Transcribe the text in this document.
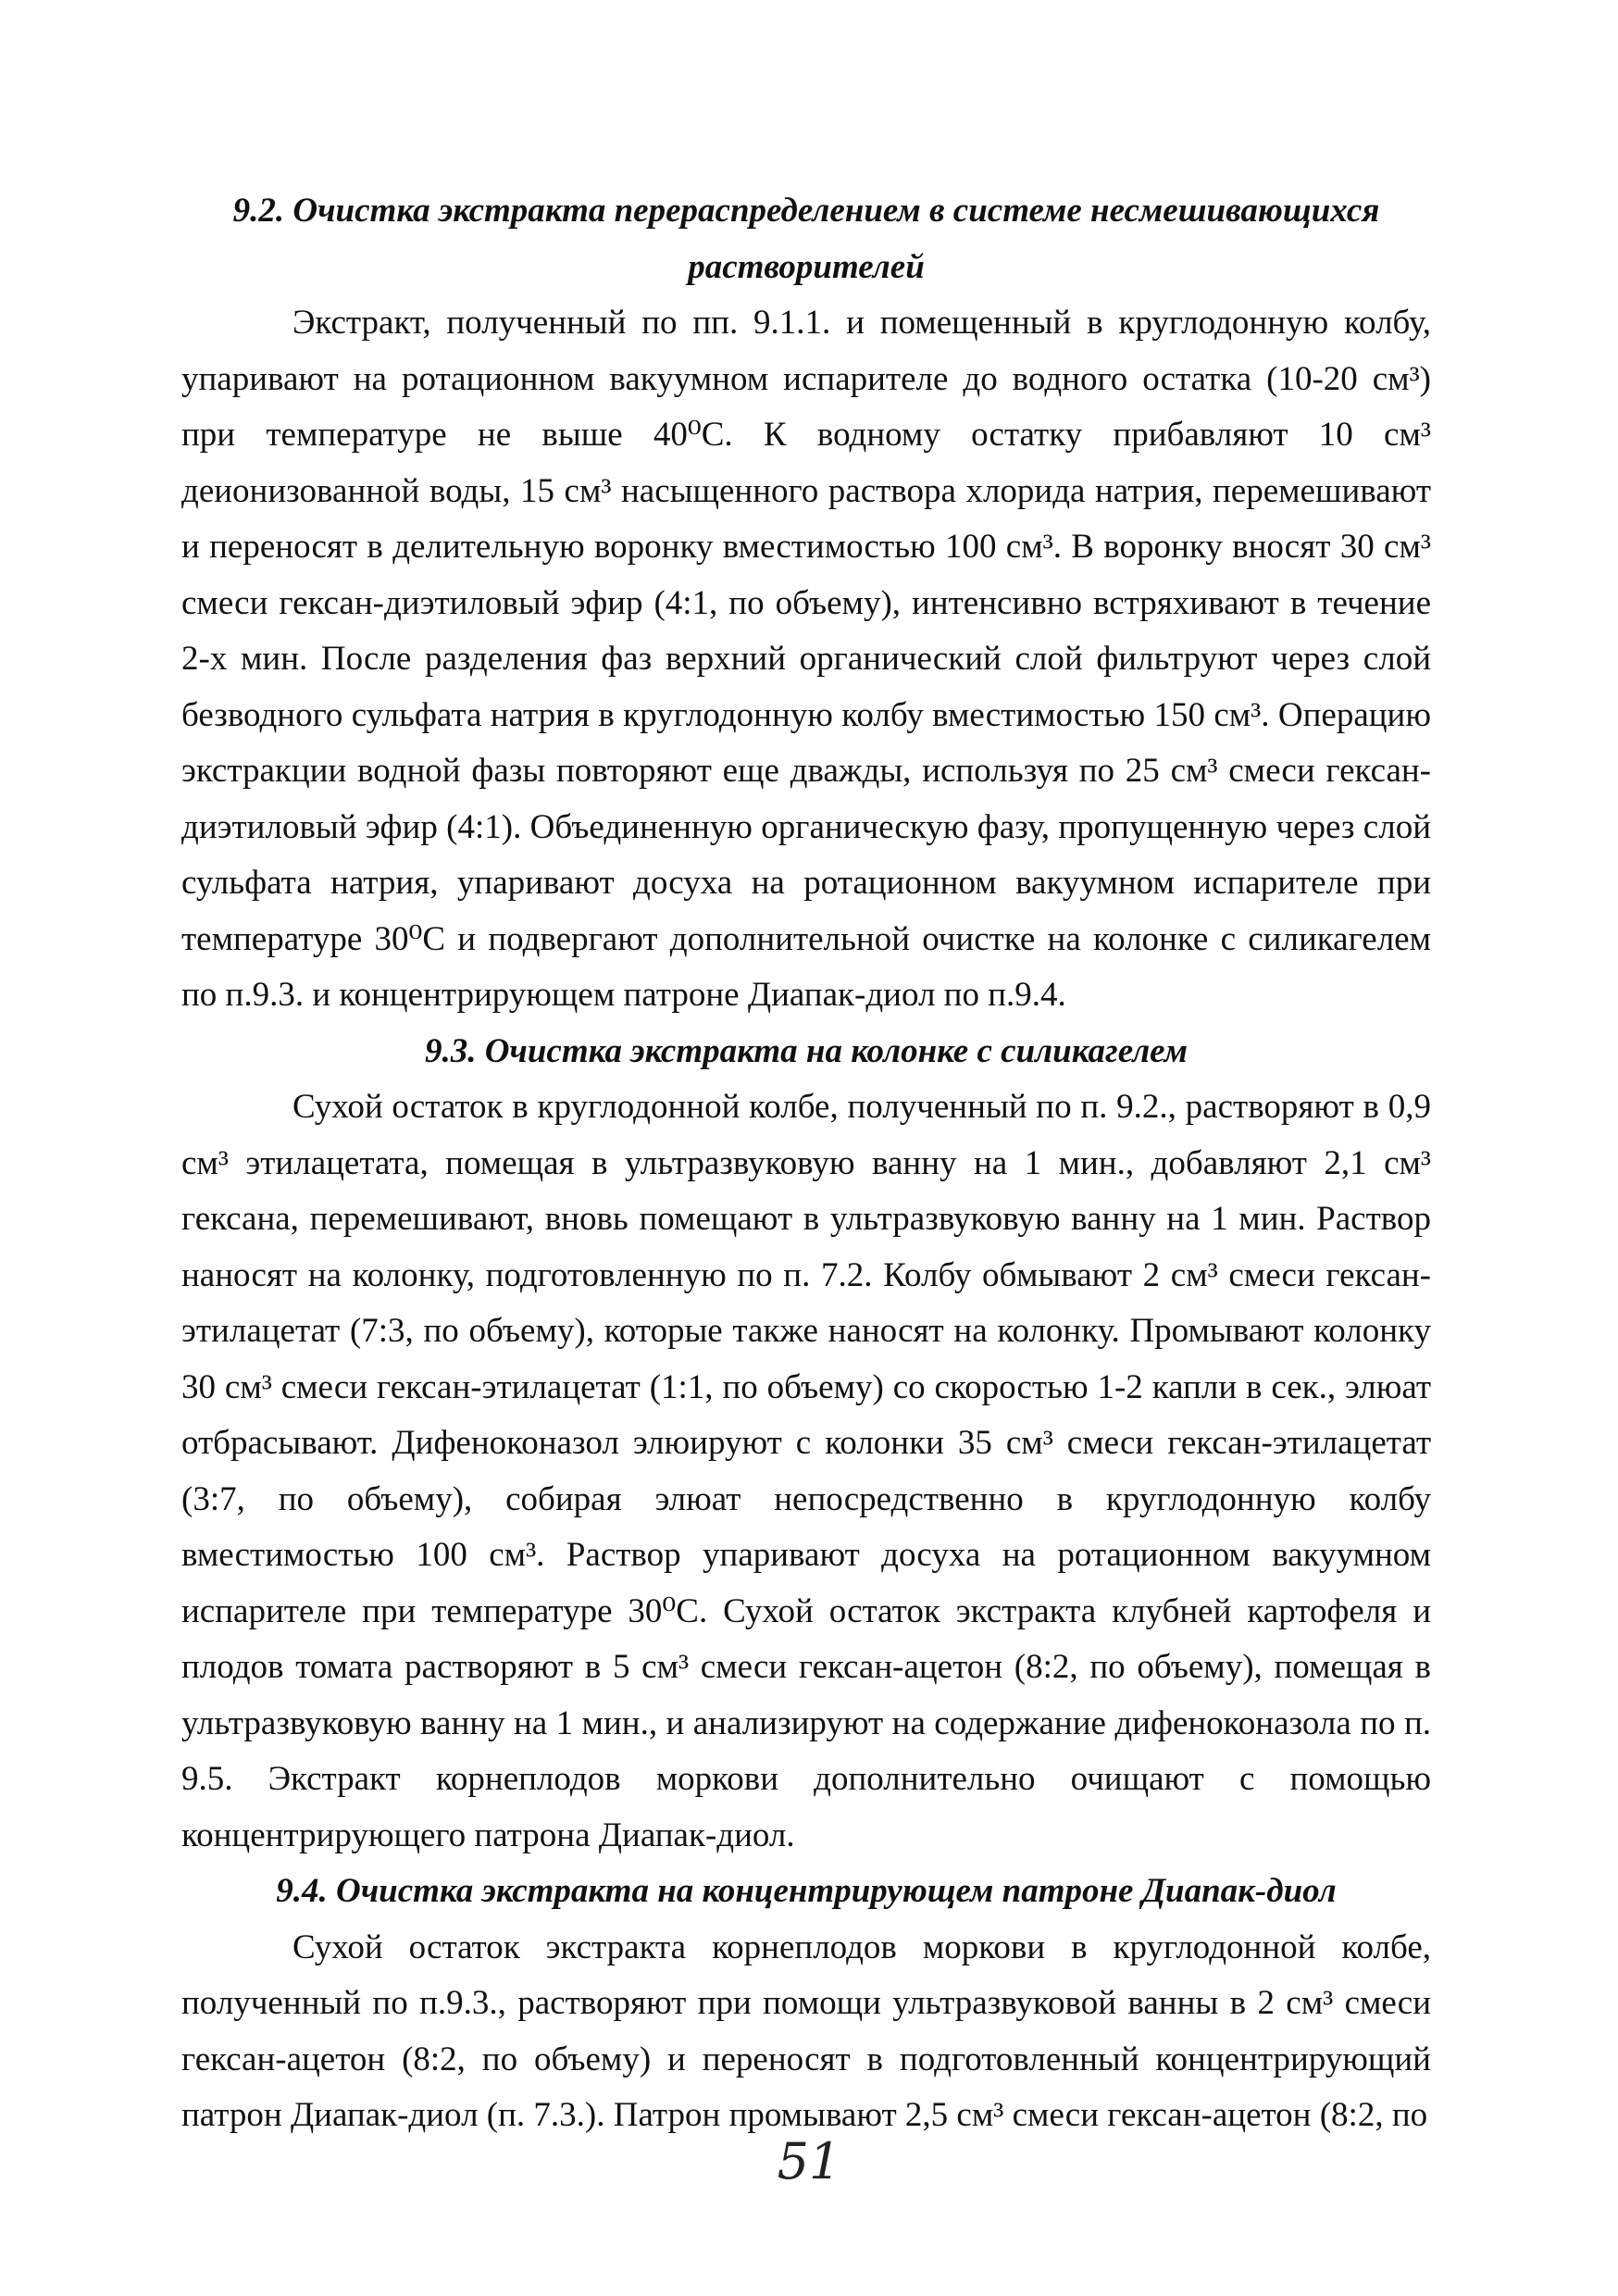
9.2. Очистка экстракта перераспределением в системе несмешивающихся растворителей

Экстракт, полученный по пп. 9.1.1. и помещенный в круглодонную колбу, упаривают на ротационном вакуумном испарителе до водного остатка (10-20 см³) при температуре не выше 40⁰С. К водному остатку прибавляют 10 см³ деионизованной воды, 15 см³ насыщенного раствора хлорида натрия, перемешивают и переносят в делительную воронку вместимостью 100 см³. В воронку вносят 30 см³ смеси гексан-диэтиловый эфир (4:1, по объему), интенсивно встряхивают в течение 2-х мин. После разделения фаз верхний органический слой фильтруют через слой безводного сульфата натрия в круглодонную колбу вместимостью 150 см³. Операцию экстракции водной фазы повторяют еще дважды, используя по 25 см³ смеси гексан-диэтиловый эфир (4:1). Объединенную органическую фазу, пропущенную через слой сульфата натрия, упаривают досуха на ротационном вакуумном испарителе при температуре 30⁰С и подвергают дополнительной очистке на колонке с силикагелем по п.9.3. и концентрирующем патроне Диапак-диол по п.9.4.

9.3. Очистка экстракта на колонке с силикагелем

Сухой остаток в круглодонной колбе, полученный по п. 9.2., растворяют в 0,9 см³ этилацетата, помещая в ультразвуковую ванну на 1 мин., добавляют 2,1 см³ гексана, перемешивают, вновь помещают в ультразвуковую ванну на 1 мин. Раствор наносят на колонку, подготовленную по п. 7.2. Колбу обмывают 2 см³ смеси гексан-этилацетат (7:3, по объему), которые также наносят на колонку. Промывают колонку 30 см³ смеси гексан-этилацетат (1:1, по объему) со скоростью 1-2 капли в сек., элюат отбрасывают. Дифеноконазол элюируют с колонки 35 см³ смеси гексан-этилацетат (3:7, по объему), собирая элюат непосредственно в круглодонную колбу вместимостью 100 см³. Раствор упаривают досуха на ротационном вакуумном испарителе при температуре 30⁰С. Сухой остаток экстракта клубней картофеля и плодов томата растворяют в 5 см³ смеси гексан-ацетон (8:2, по объему), помещая в ультразвуковую ванну на 1 мин., и анализируют на содержание дифеноконазола по п. 9.5. Экстракт корнеплодов моркови дополнительно очищают с помощью концентрирующего патрона Диапак-диол.

9.4. Очистка экстракта на концентрирующем патроне Диапак-диол

Сухой остаток экстракта корнеплодов моркови в круглодонной колбе, полученный по п.9.3., растворяют при помощи ультразвуковой ванны в 2 см³ смеси гексан-ацетон (8:2, по объему) и переносят в подготовленный концентрирующий патрон Диапак-диол (п. 7.3.). Патрон промывают 2,5 см³ смеси гексан-ацетон (8:2, по

51
